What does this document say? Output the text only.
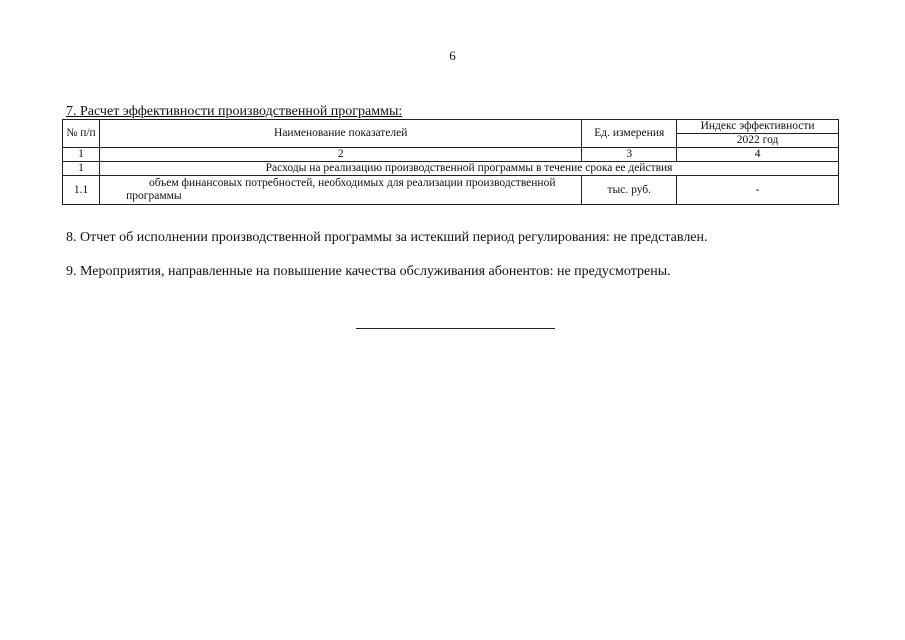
6
7. Расчет эффективности производственной программы:
№ п/п	Наименование показателей	Ед. измерения	Индекс эффективности
			2022 год
1	2	3	4
1	Расходы на реализацию производственной программы в течение срока ее действия		
1.1	объем финансовых потребностей, необходимых для реализации производственной программы	тыс. руб.	-
8. Отчет об исполнении производственной программы за истекший период регулирования: не представлен.
9. Мероприятия, направленные на повышение качества обслуживания абонентов: не предусмотрены.
